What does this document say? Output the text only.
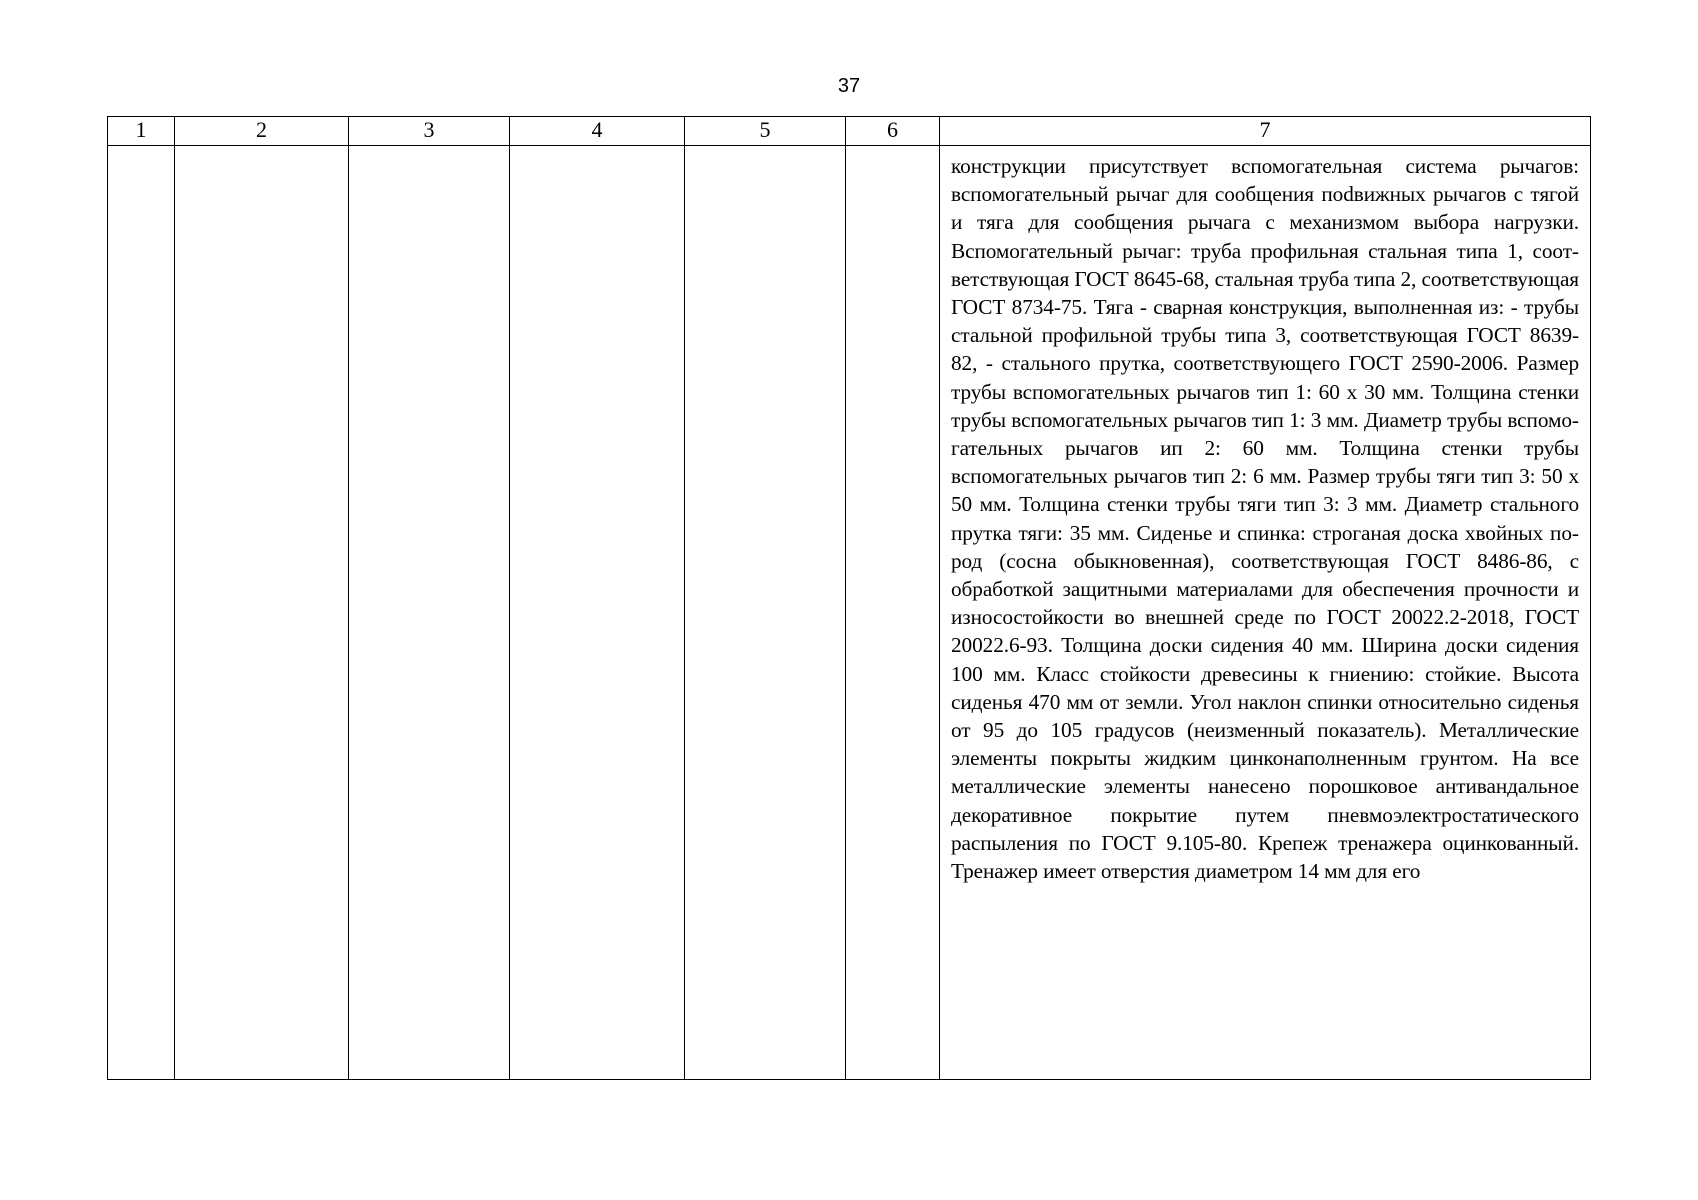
37
1	2	3	4	5	6	7

						конструкции присутствует вспомогательная система рычагов: вспомогательный рычаг для сообщения поdвижных рычагов с тягой и тяга для сообщения рычага с механизмом выбора нагрузки. Вспомогательный рычаг: труба профильная стальная типа 1, соответствующая ГОСТ 8645-68, стальная труба типа 2, соответствующая ГОСТ 8734-75. Тяга - сварная конструкция, выполненная из: - трубы стальной профильной трубы типа 3, соответствующая ГОСТ 8639-82, - стального прутка, соответствующего ГОСТ 2590-2006. Размер трубы вспомогательных рычагов тип 1: 60 х 30 мм. Толщина стенки трубы вспомогательных рычагов тип 1: 3 мм. Диаметр трубы вспомогательных рычагов ип 2: 60 мм. Толщина стенки трубы вспомогательных рычагов тип 2: 6 мм. Размер трубы тяги тип 3: 50 х 50 мм. Толщина стенки трубы тяги тип 3: 3 мм. Диаметр стального прутка тяги: 35 мм. Сиденье и спинка: строганая доска хвойных пород (сосна обыкновенная), соответствующая ГОСТ 8486-86, с обработкой защитными материалами для обеспечения прочности и износостойкости во внешней среде по ГОСТ 20022.2-2018, ГОСТ 20022.6-93. Толщина доски сидения 40 мм. Ширина доски сидения 100 мм. Класс стойкости древесины к гниению: стойкие. Высота сиденья 470 мм от земли. Угол наклон спинки относительно сиденья от 95 до 105 градусов (неизменный показатель). Металлические элементы покрыты жидким цинконаполненным грунтом. На все металлические элементы нанесено порошковое антивандальное декоративное покрытие путем пневмоэлектростатического распыления по ГОСТ 9.105-80. Крепеж тренажера оцинкованный. Тренажер имеет отверстия диаметром 14 мм для его
